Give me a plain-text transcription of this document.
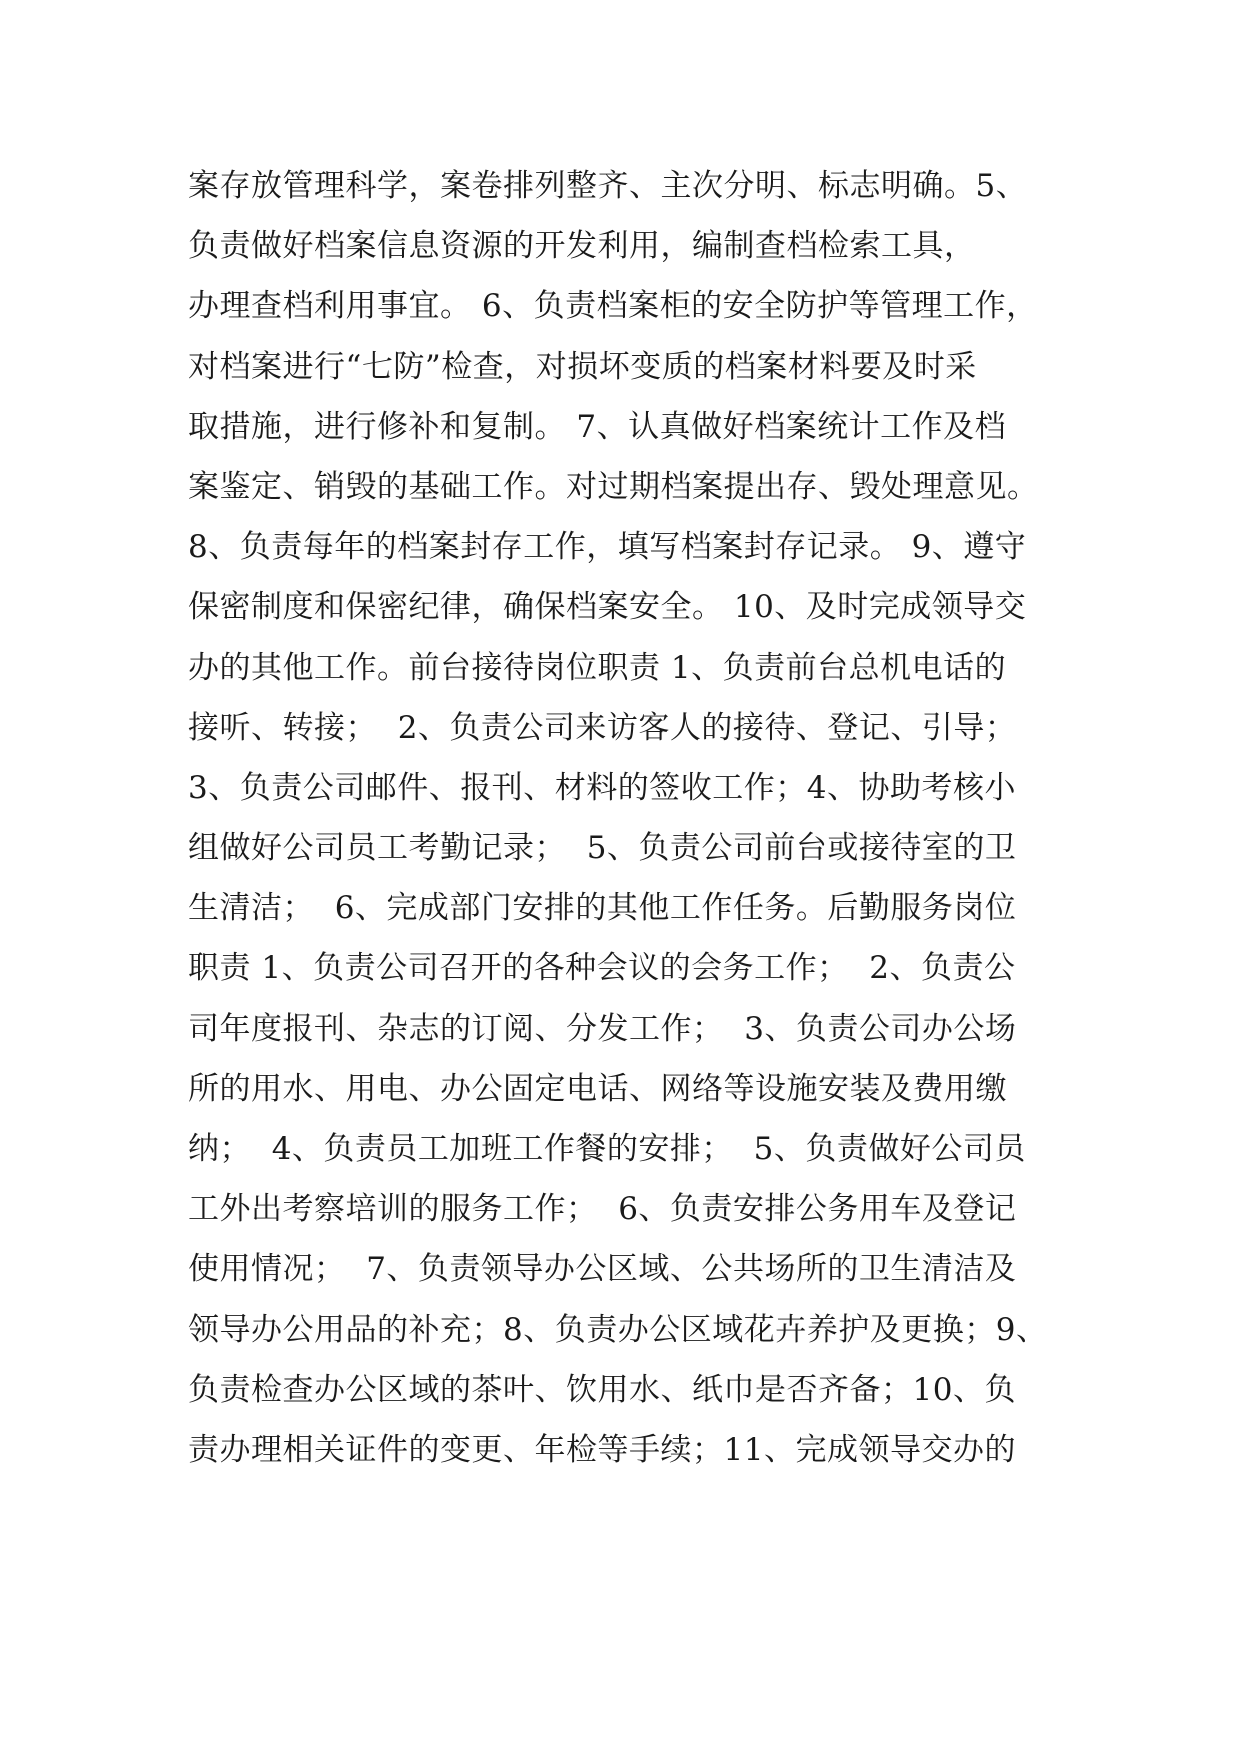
案存放管理科学，案卷排列整齐、主次分明、标志明确。5、
负责做好档案信息资源的开发利用，编制查档检索工具，
办理查档利用事宜。 6、负责档案柜的安全防护等管理工作，
对档案进行“七防”检查，对损坏变质的档案材料要及时采
取措施，进行修补和复制。 7、认真做好档案统计工作及档
案鉴定、销毁的基础工作。对过期档案提出存、毁处理意见。
8、负责每年的档案封存工作，填写档案封存记录。 9、遵守
保密制度和保密纪律，确保档案安全。 10、及时完成领导交
办的其他工作。前台接待岗位职责 1、负责前台总机电话的
接听、转接；  2、负责公司来访客人的接待、登记、引导；
3、负责公司邮件、报刊、材料的签收工作；4、协助考核小
组做好公司员工考勤记录；  5、负责公司前台或接待室的卫
生清洁；  6、完成部门安排的其他工作任务。后勤服务岗位
职责 1、负责公司召开的各种会议的会务工作；  2、负责公
司年度报刊、杂志的订阅、分发工作；  3、负责公司办公场
所的用水、用电、办公固定电话、网络等设施安装及费用缴
纳；  4、负责员工加班工作餐的安排；  5、负责做好公司员
工外出考察培训的服务工作；  6、负责安排公务用车及登记
使用情况；  7、负责领导办公区域、公共场所的卫生清洁及
领导办公用品的补充；8、负责办公区域花卉养护及更换；9、
负责检查办公区域的茶叶、饮用水、纸巾是否齐备；10、负
责办理相关证件的变更、年检等手续；11、完成领导交办的
